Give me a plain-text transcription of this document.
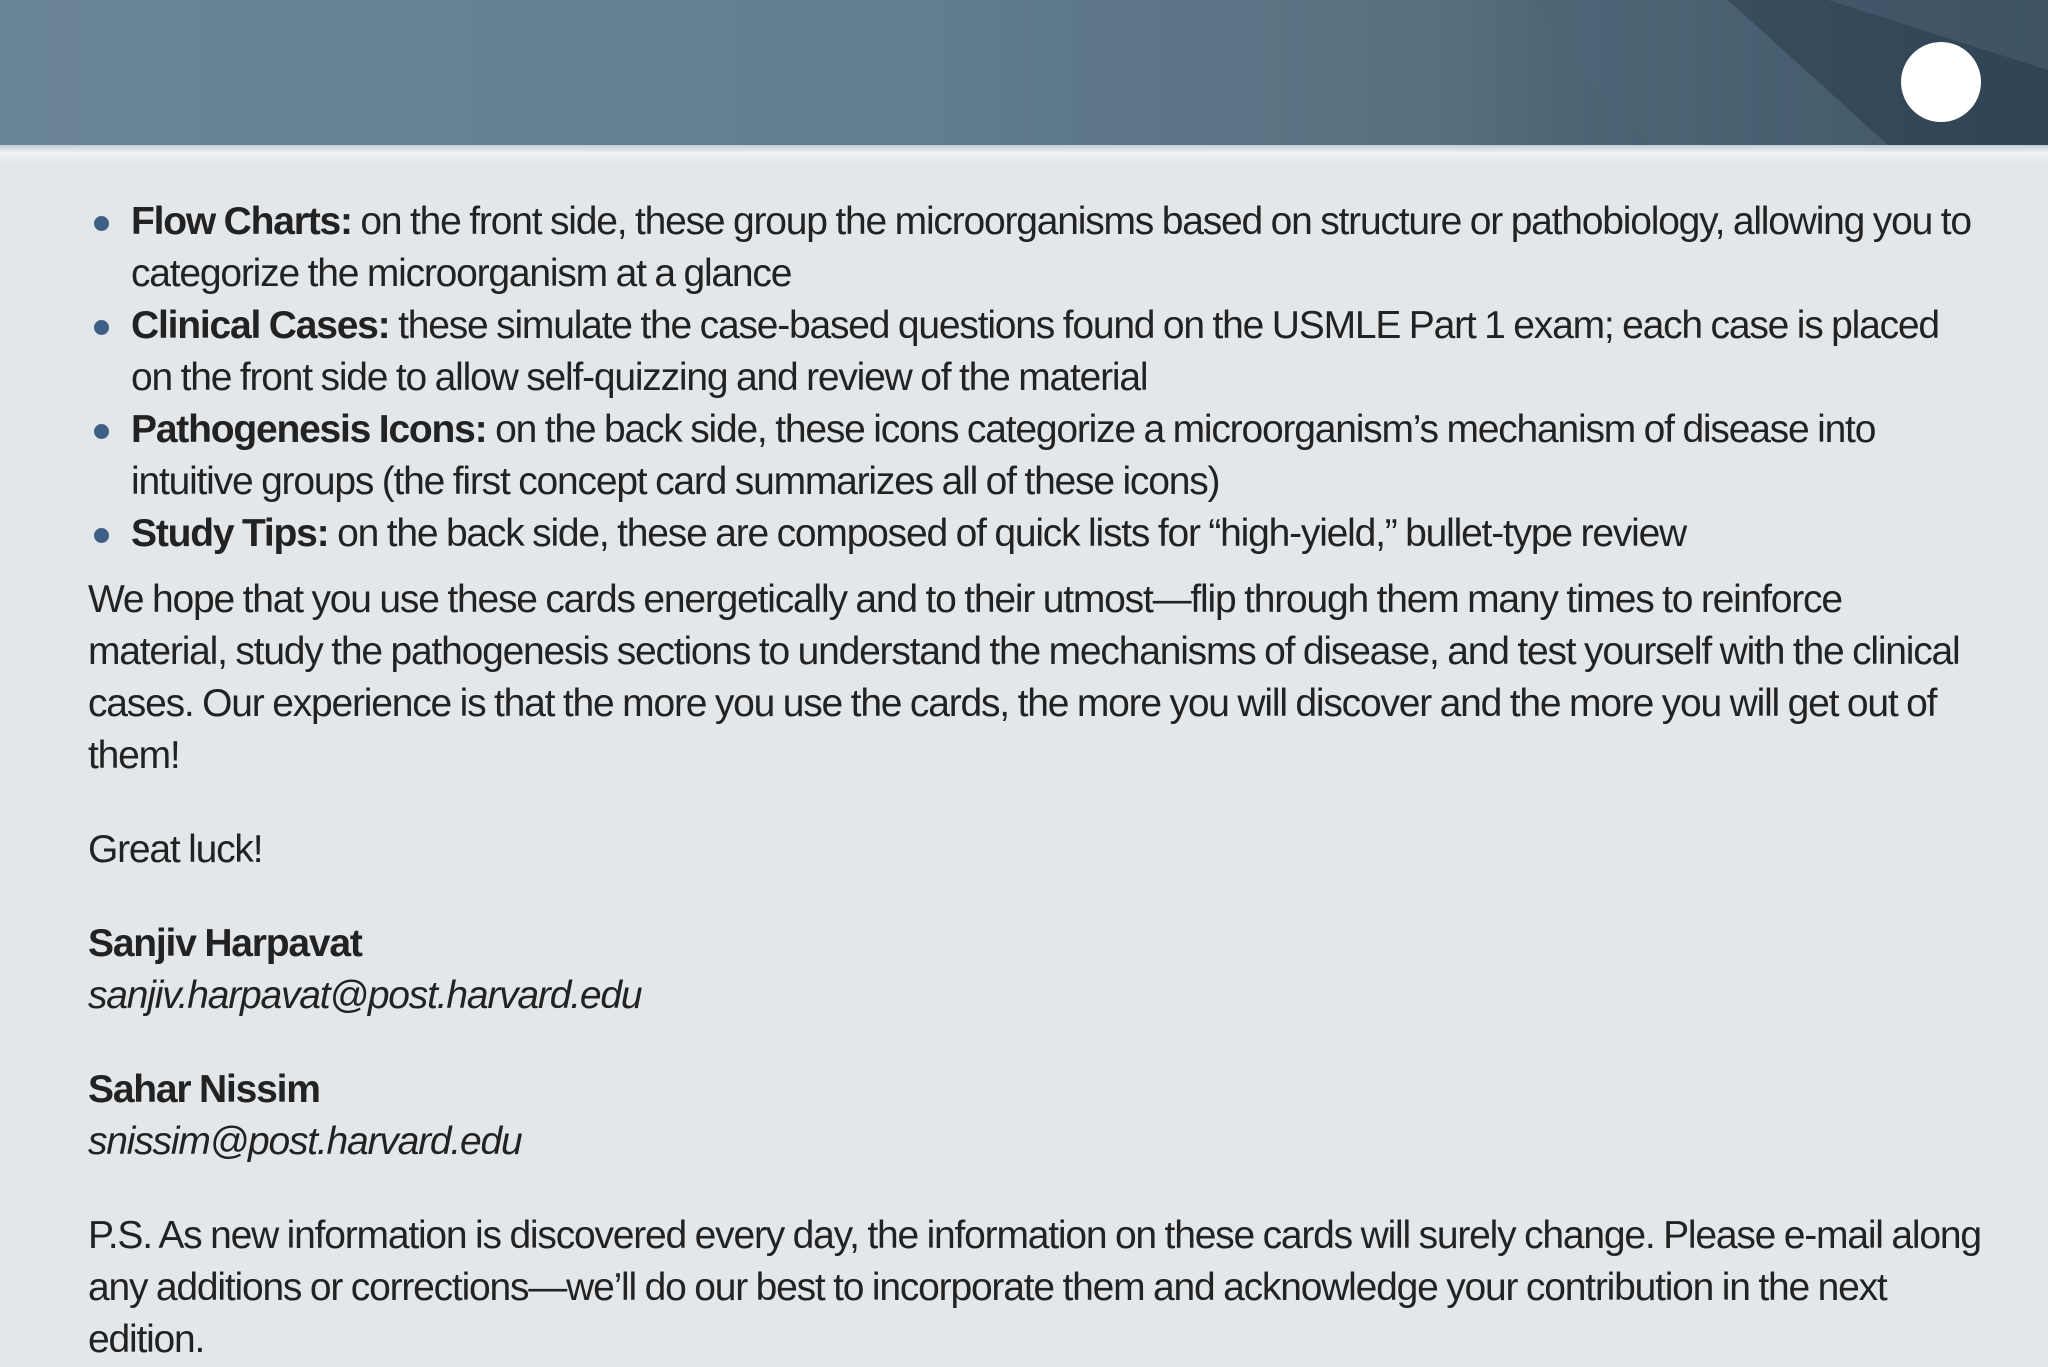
Flow Charts: on the front side, these group the microorganisms based on structure or pathobiology, allowing you to categorize the microorganism at a glance
Clinical Cases: these simulate the case-based questions found on the USMLE Part 1 exam; each case is placed on the front side to allow self-quizzing and review of the material
Pathogenesis Icons: on the back side, these icons categorize a microorganism’s mechanism of disease into intuitive groups (the first concept card summarizes all of these icons)
Study Tips: on the back side, these are composed of quick lists for “high-yield,” bullet-type review

We hope that you use these cards energetically and to their utmost—flip through them many times to reinforce material, study the pathogenesis sections to understand the mechanisms of disease, and test yourself with the clinical cases. Our experience is that the more you use the cards, the more you will discover and the more you will get out of them!

Great luck!

Sanjiv Harpavat

sanjiv.harpavat@post.harvard.edu

Sahar Nissim

snissim@post.harvard.edu

P.S. As new information is discovered every day, the information on these cards will surely change. Please e-mail along any additions or corrections—we’ll do our best to incorporate them and acknowledge your contribution in the next edition.
